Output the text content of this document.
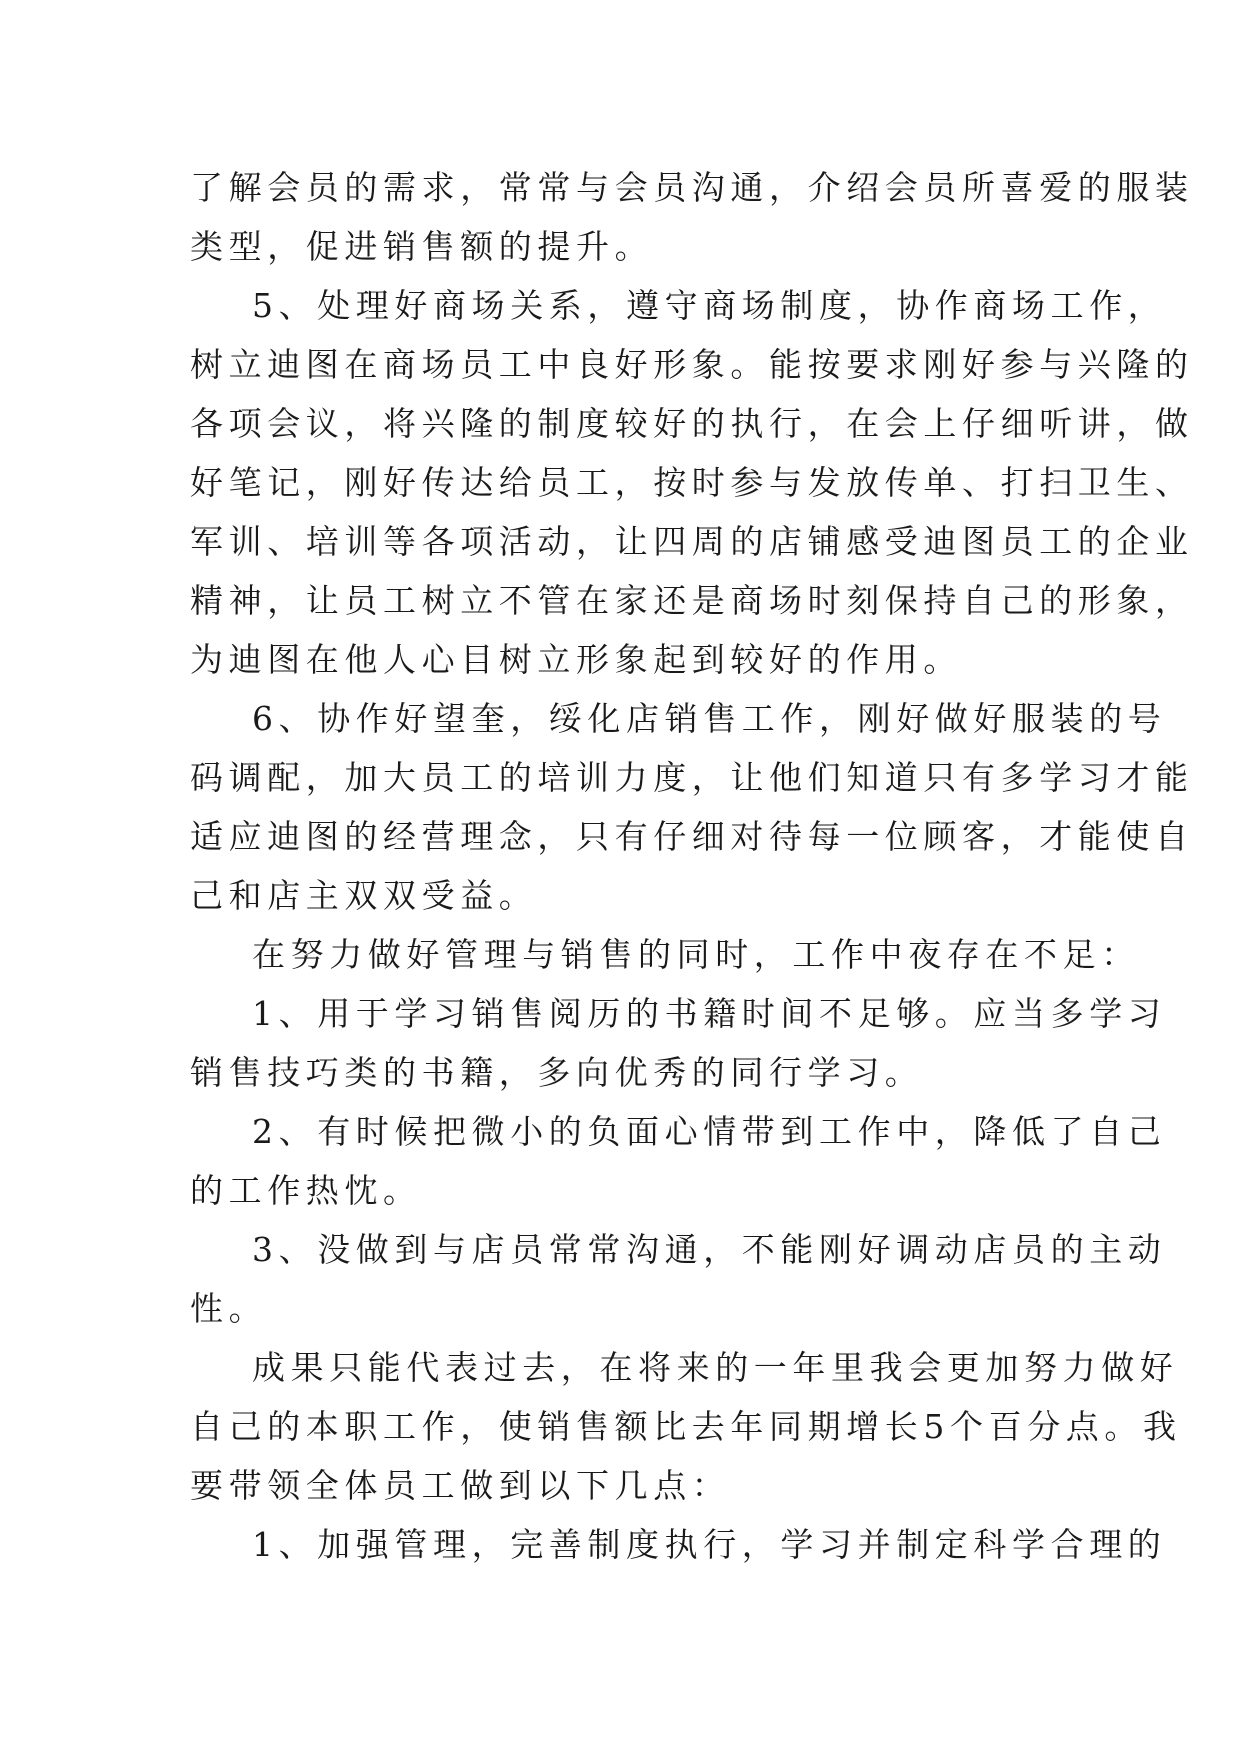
了解会员的需求，常常与会员沟通，介绍会员所喜爱的服装
类型，促进销售额的提升。
5、处理好商场关系，遵守商场制度，协作商场工作，
树立迪图在商场员工中良好形象。能按要求刚好参与兴隆的
各项会议，将兴隆的制度较好的执行，在会上仔细听讲，做
好笔记，刚好传达给员工，按时参与发放传单、打扫卫生、
军训、培训等各项活动，让四周的店铺感受迪图员工的企业
精神，让员工树立不管在家还是商场时刻保持自己的形象，
为迪图在他人心目树立形象起到较好的作用。
6、协作好望奎，绥化店销售工作，刚好做好服装的号
码调配，加大员工的培训力度，让他们知道只有多学习才能
适应迪图的经营理念，只有仔细对待每一位顾客，才能使自
己和店主双双受益。
在努力做好管理与销售的同时，工作中夜存在不足：
1、用于学习销售阅历的书籍时间不足够。应当多学习
销售技巧类的书籍，多向优秀的同行学习。
2、有时候把微小的负面心情带到工作中，降低了自己
的工作热忱。
3、没做到与店员常常沟通，不能刚好调动店员的主动
性。
成果只能代表过去，在将来的一年里我会更加努力做好
自己的本职工作，使销售额比去年同期增长5个百分点。我
要带领全体员工做到以下几点：
1、加强管理，完善制度执行，学习并制定科学合理的
